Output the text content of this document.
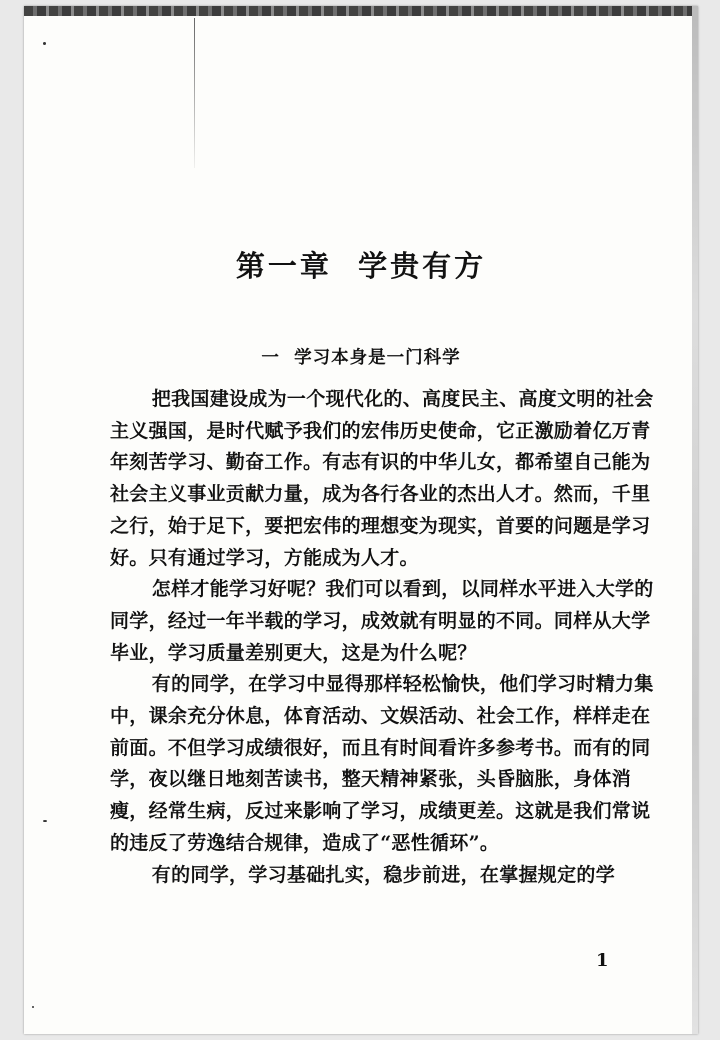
第一章  学贵有方
一  学习本身是一门科学

把我国建设成为一个现代化的、高度民主、高度文明的社会主义强国，是时代赋予我们的宏伟历史使命，它正激励着亿万青年刻苦学习、勤奋工作。有志有识的中华儿女，都希望自己能为社会主义事业贡献力量，成为各行各业的杰出人才。然而，千里之行，始于足下，要把宏伟的理想变为现实，首要的问题是学习好。只有通过学习，方能成为人才。

怎样才能学习好呢？我们可以看到，以同样水平进入大学的同学，经过一年半载的学习，成效就有明显的不同。同样从大学毕业，学习质量差别更大，这是为什么呢？

有的同学，在学习中显得那样轻松愉快，他们学习时精力集中，课余充分休息，体育活动、文娱活动、社会工作，样样走在前面。不但学习成绩很好，而且有时间看许多参考书。而有的同学，夜以继日地刻苦读书，整天精神紧张，头昏脑胀，身体消瘦，经常生病，反过来影响了学习，成绩更差。这就是我们常说的违反了劳逸结合规律，造成了“恶性循环”。

有的同学，学习基础扎实，稳步前进，在掌握规定的学

1
